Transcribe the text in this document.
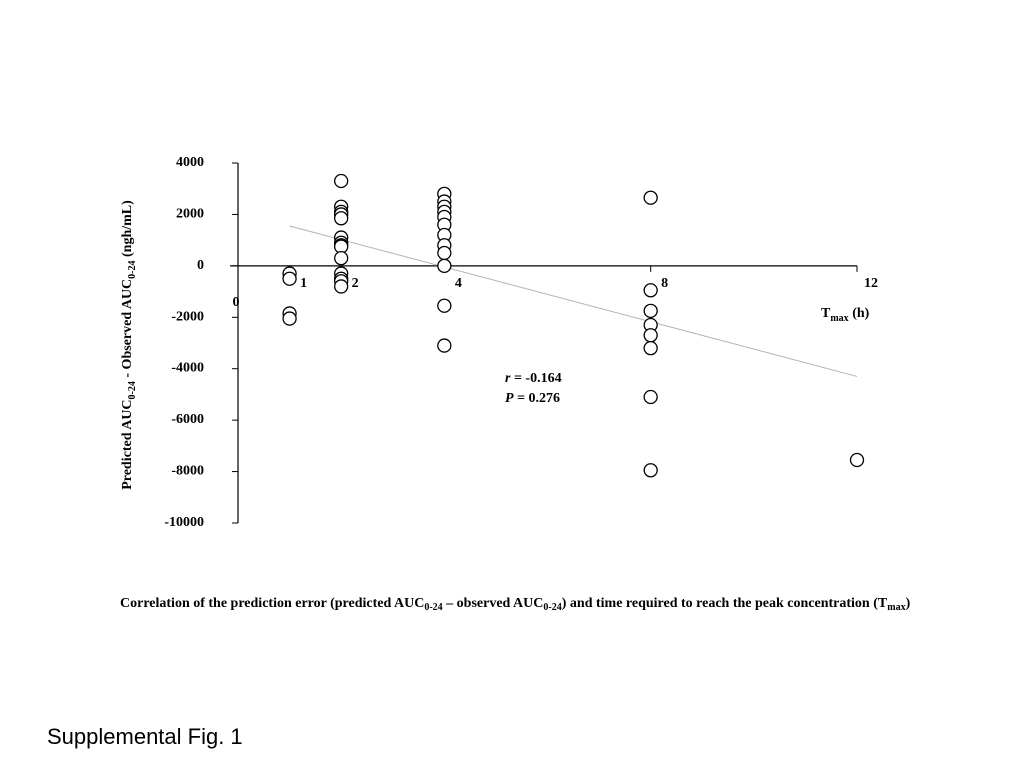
4000
2000
0
-2000
-4000
-6000
-8000
-10000
1	2	4	8	12
0
Predicted $AUC_{0-24}$ - Observed $AUC_{0-24}$ (ngh/mL)
$T_{max}$ (h)
r = -0.164
P = 0.276
Correlation of the prediction error (predicted $AUC_{0-24}$ – observed $AUC_{0-24}$) and time required to reach the peak concentration $(T_{max})$
Supplemental Fig. 1
